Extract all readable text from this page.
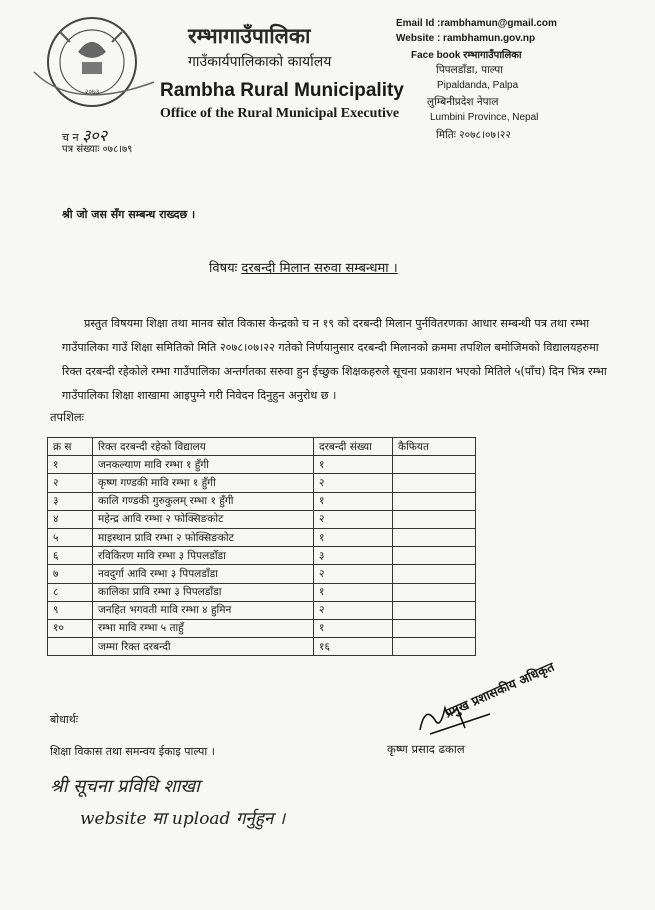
२०७३
रम्भागाउँपालिका
गाउँकार्यपालिकाको कार्यालय
Rambha Rural Municipality
Office of the Rural Municipal Executive
Email Id :rambhamun@gmail.com
Website : rambhamun.gov.np
Face book रम्भागाउँपालिका
पिपलडाँडा, पाल्पा
Pipaldanda, Palpa
लुम्बिनीप्रदेश नेपाल
Lumbini Province, Nepal
मितिः २०७८।०७।२२
च न ३०२
पत्र संख्याः ०७८।७९
श्री जो जस सँग सम्बन्ध राख्दछ ।
विषयः दरबन्दी मिलान सरुवा सम्बन्धमा ।
प्रस्तुत विषयमा शिक्षा तथा मानव स्रोत विकास केन्द्रको च न १९ को दरबन्दी मिलान पुर्नवितरणका आधार सम्बन्धी पत्र तथा रम्भा गाउँपालिका गाउँ शिक्षा समितिको मिति २०७८।०७।२२ गतेको निर्णयानुसार दरबन्दी मिलानको क्रममा तपशिल बमोजिमको विद्यालयहरुमा रिक्त दरबन्दी रहेकोले रम्भा गाउँपालिका अन्तर्गतका सरुवा हुन ईच्छुक शिक्षकहरुले सूचना प्रकाशन भएको मितिले ५(पाँच) दिन भित्र रम्भा गाउँपालिका शिक्षा शाखामा आइपुग्ने गरी निवेदन दिनुहुन अनुरोध छ ।
तपशिलः
क्र स	रिक्त दरबन्दी रहेको विद्यालय	दरबन्दी संख्या	कैफियत
१	जनकल्याण मावि रम्भा १ हुँगी	१	
२	कृष्ण गण्डकी मावि रम्भा १ हुँगी	२	
३	कालि गण्डकी गुरुकुलम् रम्भा १ हुँगी	१	
४	महेन्द्र आवि रम्भा २ फोक्सिङकोट	२	
५	माइस्थान प्रावि रम्भा २ फोक्सिङकोट	१	
६	रविकिरण मावि रम्भा ३ पिपलडाँडा	३	
७	नवदुर्गा आवि रम्भा ३ पिपलडाँडा	२	
८	कालिका प्रावि रम्भा ३ पिपलडाँडा	१	
९	जनहित भगवती मावि रम्भा ४ हुमिन	२	
१०	रम्भा मावि रम्भा ५ ताहुँ	१	
	जम्मा रिक्त दरबन्दी	१६	
बोधार्थः
शिक्षा विकास तथा समन्वय ईकाइ पाल्पा ।
प्रमुख प्रशासकीय अधिकृत
कृष्ण प्रसाद ढकाल
श्री सूचना प्रविधि शाखा
website मा upload गर्नुहुन ।
